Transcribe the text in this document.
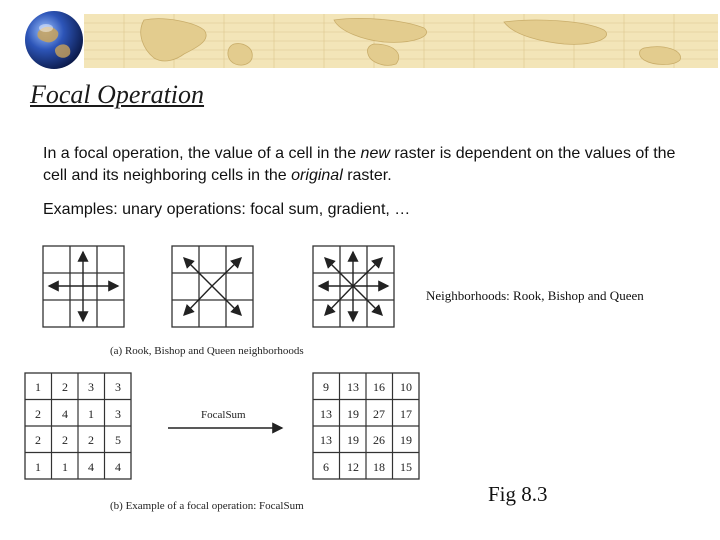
Focal Operation

In a focal operation, the value of a cell in the new raster is dependent on the values of the cell and its neighboring cells in the original raster.

Examples: unary operations: focal sum, gradient, …

(a) Rook, Bishop and Queen neighborhoods
1 2 3 3
2 4 1 3
2 2 2 5
1 1 4 4
FocalSum
9 13 16 10
13 19 27 17
13 19 26 19
6 12 18 15
(b) Example of a focal operation: FocalSum
Neighborhoods: Rook, Bishop and Queen
Fig 8.3
